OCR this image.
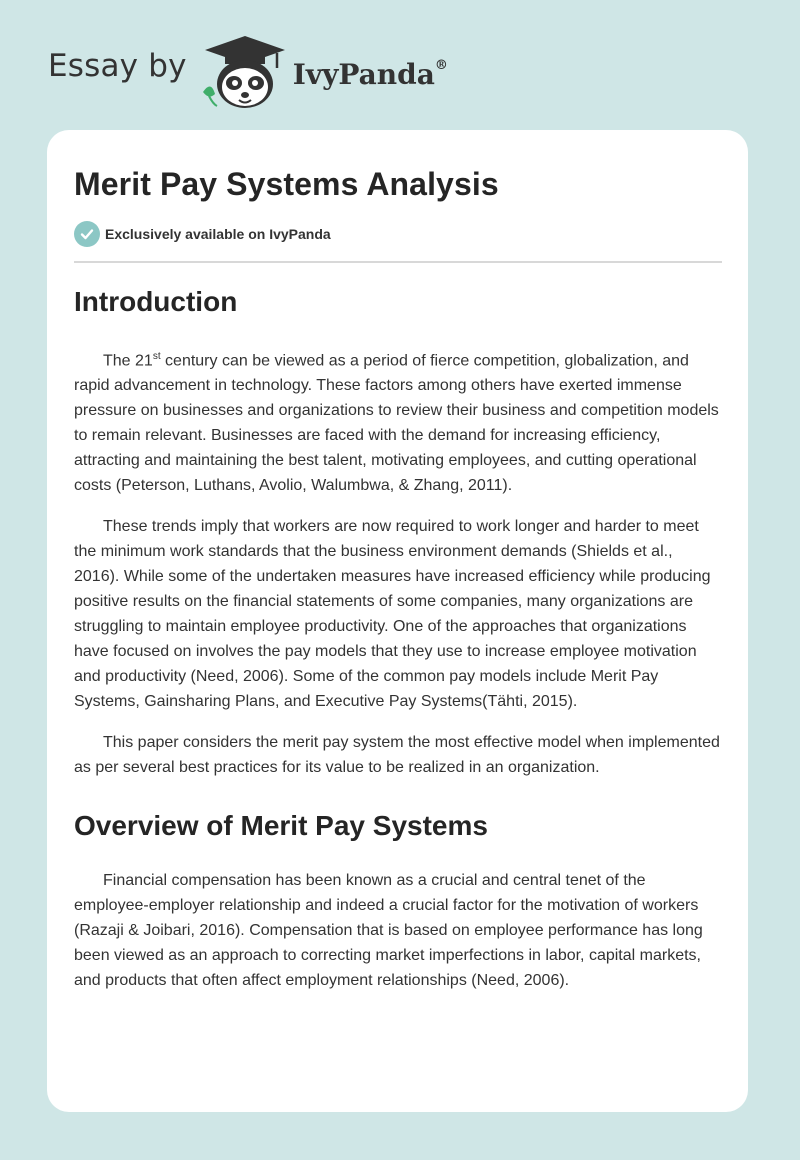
Essay by	IvyPanda®
Merit Pay Systems Analysis
Exclusively available on IvyPanda
Introduction

The 21st century can be viewed as a period of fierce competition, globalization, and rapid advancement in technology. These factors among others have exerted immense pressure on businesses and organizations to review their business and competition models to remain relevant. Businesses are faced with the demand for increasing efficiency, attracting and maintaining the best talent, motivating employees, and cutting operational costs (Peterson, Luthans, Avolio, Walumbwa, & Zhang, 2011).

These trends imply that workers are now required to work longer and harder to meet the minimum work standards that the business environment demands (Shields et al., 2016). While some of the undertaken measures have increased efficiency while producing positive results on the financial statements of some companies, many organizations are struggling to maintain employee productivity. One of the approaches that organizations have focused on involves the pay models that they use to increase employee motivation and productivity (Need, 2006). Some of the common pay models include Merit Pay Systems, Gainsharing Plans, and Executive Pay Systems(Tähti, 2015).

This paper considers the merit pay system the most effective model when implemented as per several best practices for its value to be realized in an organization.

Overview of Merit Pay Systems

Financial compensation has been known as a crucial and central tenet of the employee-employer relationship and indeed a crucial factor for the motivation of workers (Razaji & Joibari, 2016). Compensation that is based on employee performance has long been viewed as an approach to correcting market imperfections in labor, capital markets, and products that often affect employment relationships (Need, 2006).
